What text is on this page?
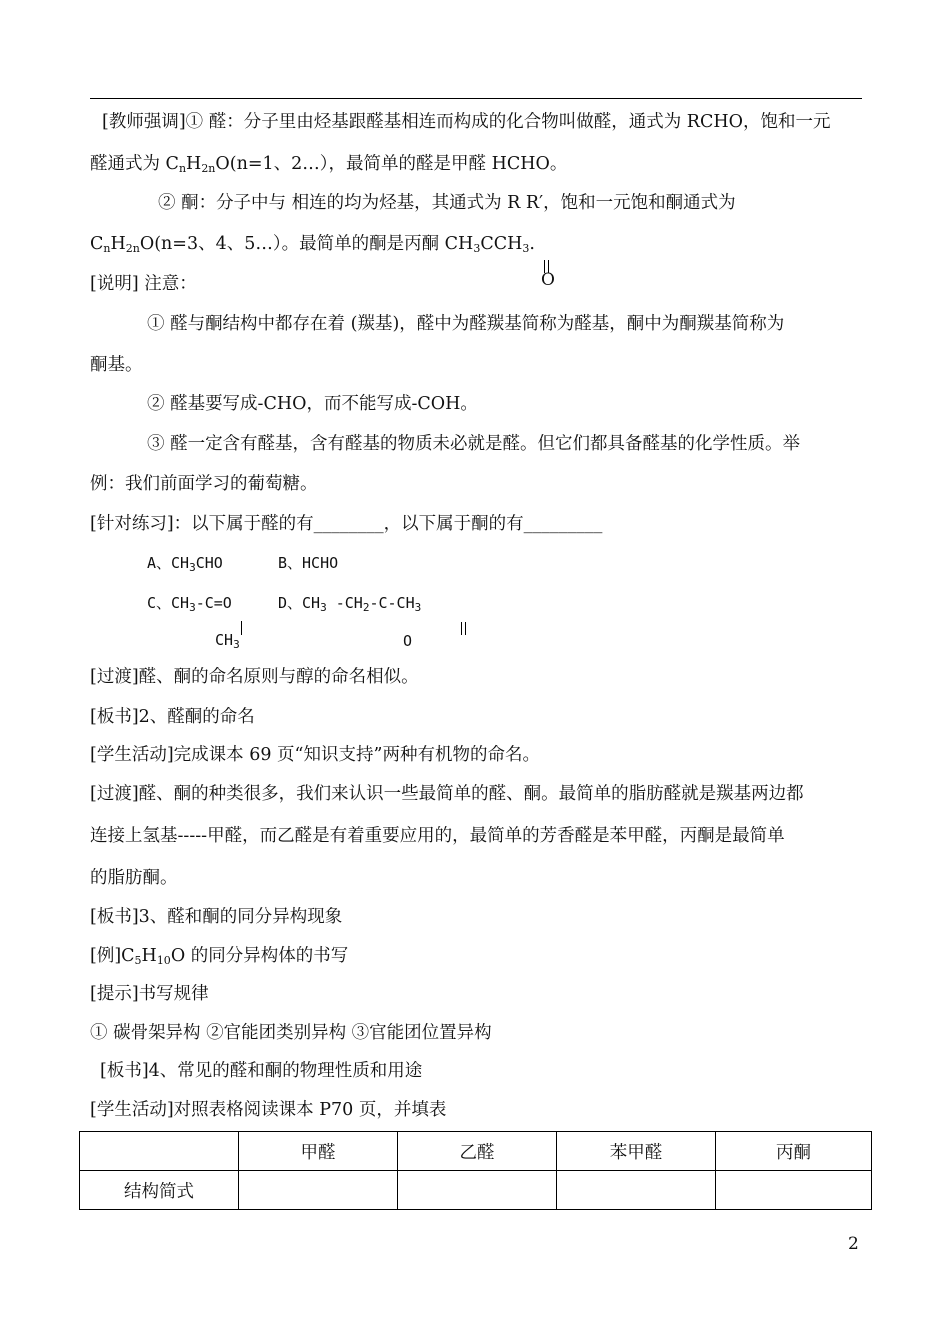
[教师强调]① 醛：分子里由烃基跟醛基相连而构成的化合物叫做醛，通式为 RCHO，饱和一元
醛通式为 CnH2nO(n=1、2…），最简单的醛是甲醛 HCHO。
② 酮：分子中与 相连的均为烃基，其通式为 R R′，饱和一元饱和酮通式为
CnH2nO(n=3、4、5…）。最简单的酮是丙酮 CH3CCH3.
O
[说明] 注意：
① 醛与酮结构中都存在着 (羰基)，醛中为醛羰基简称为醛基，酮中为酮羰基简称为
酮基。
② 醛基要写成-CHO，而不能写成-COH。
③ 醛一定含有醛基，含有醛基的物质未必就是醛。但它们都具备醛基的化学性质。举
例：我们前面学习的葡萄糖。
[针对练习]：以下属于醛的有________，以下属于酮的有_________
A、$CH_3CHO$	B、HCHO
C、$CH_3-C=O$	D、$CH_3$ $-CH_2-C-CH_3$
$CH_3$	O
[过渡]醛、酮的命名原则与醇的命名相似。
[板书]2、醛酮的命名
[学生活动]完成课本 69 页“知识支持”两种有机物的命名。
[过渡]醛、酮的种类很多，我们来认识一些最简单的醛、酮。最简单的脂肪醛就是羰基两边都
连接上氢基-----甲醛，而乙醛是有着重要应用的，最简单的芳香醛是苯甲醛，丙酮是最简单
的脂肪酮。
[板书]3、醛和酮的同分异构现象
[例]C5H10O 的同分异构体的书写
[提示]书写规律
① 碳骨架异构 ②官能团类别异构 ③官能团位置异构
[板书]4、常见的醛和酮的物理性质和用途
[学生活动]对照表格阅读课本 P70 页，并填表
	甲醛	乙醛	苯甲醛	丙酮
结构简式				
2
